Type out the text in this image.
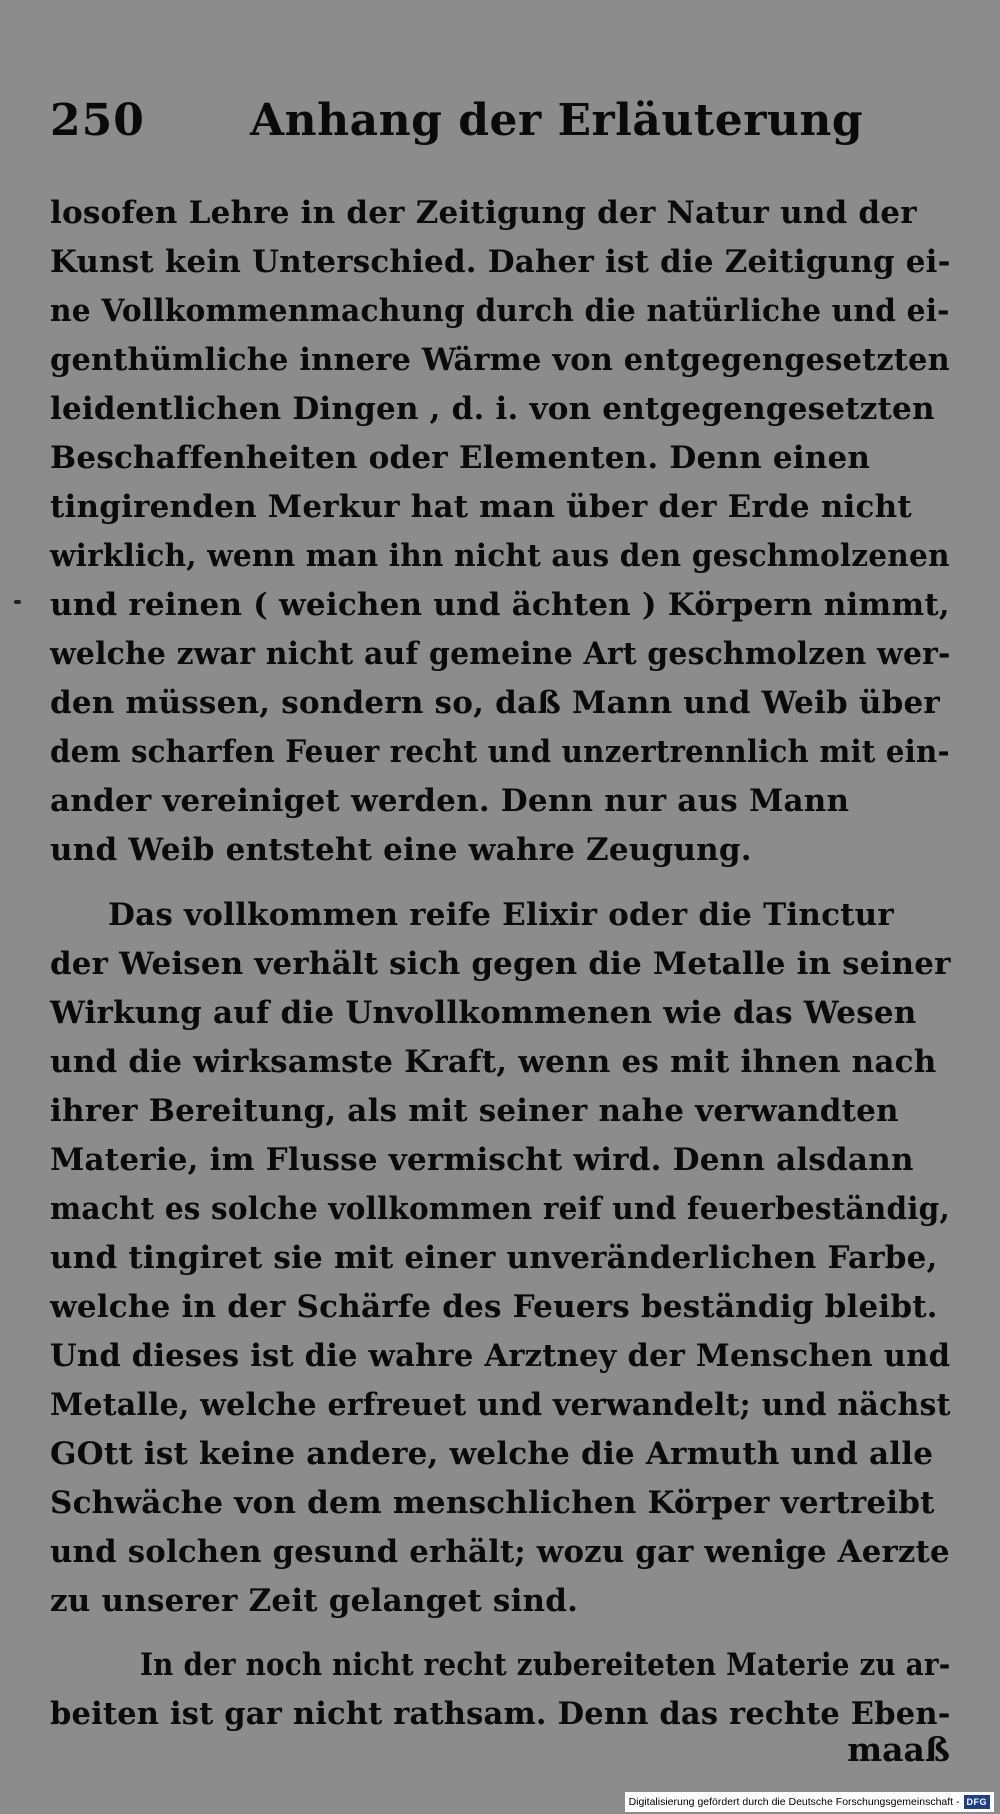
250 Anhang der Erläuterung
losofen Lehre in der Zeitigung der Natur und der
Kunst kein Unterschied. Daher ist die Zeitigung ei-
ne Vollkommenmachung durch die natürliche und ei-
genthümliche innere Wärme von entgegengesetzten
leidentlichen Dingen , d. i. von entgegengesetzten
Beschaffenheiten oder Elementen. Denn einen
tingirenden Merkur hat man über der Erde nicht
wirklich, wenn man ihn nicht aus den geschmolzenen
und reinen ( weichen und ächten ) Körpern nimmt,
welche zwar nicht auf gemeine Art geschmolzen wer-
den müssen, sondern so, daß Mann und Weib über
dem scharfen Feuer recht und unzertrennlich mit ein-
ander vereiniget werden. Denn nur aus Mann
und Weib entsteht eine wahre Zeugung.
Das vollkommen reife Elixir oder die Tinctur
der Weisen verhält sich gegen die Metalle in seiner
Wirkung auf die Unvollkommenen wie das Wesen
und die wirksamste Kraft, wenn es mit ihnen nach
ihrer Bereitung, als mit seiner nahe verwandten
Materie, im Flusse vermischt wird. Denn alsdann
macht es solche vollkommen reif und feuerbeständig,
und tingiret sie mit einer unveränderlichen Farbe,
welche in der Schärfe des Feuers beständig bleibt.
Und dieses ist die wahre Arztney der Menschen und
Metalle, welche erfreuet und verwandelt; und nächst
GOtt ist keine andere, welche die Armuth und alle
Schwäche von dem menschlichen Körper vertreibt
und solchen gesund erhält; wozu gar wenige Aerzte
zu unserer Zeit gelanget sind.
In der noch nicht recht zubereiteten Materie zu ar-
beiten ist gar nicht rathsam. Denn das rechte Eben-
maaß
Digitalisierung gefördert durch die Deutsche Forschungsgemeinschaft - DFG
